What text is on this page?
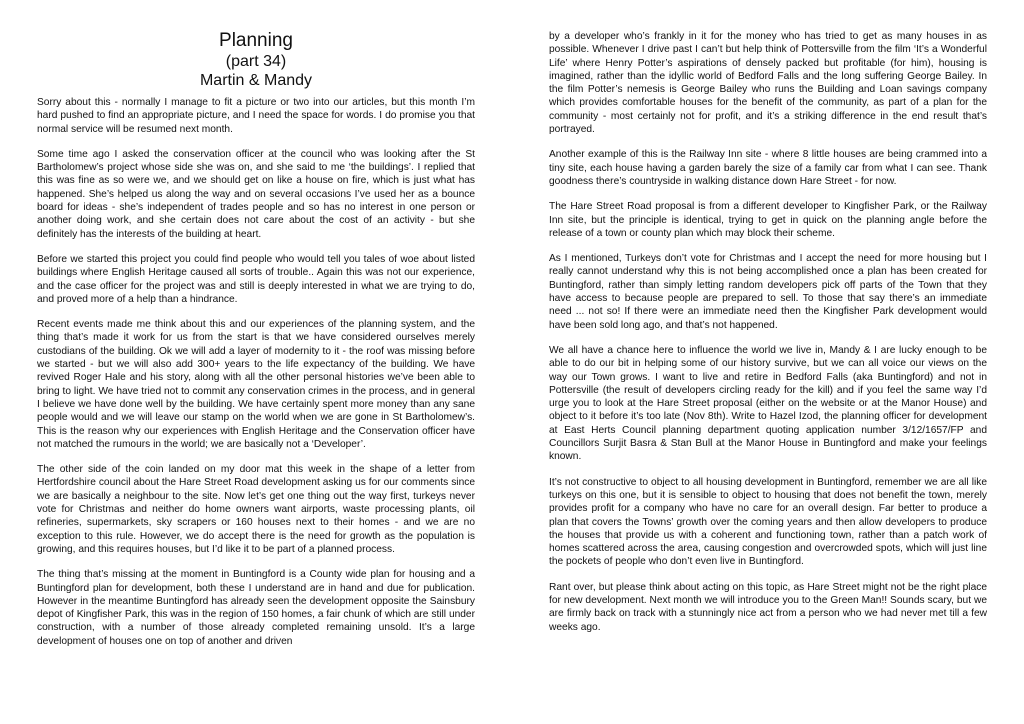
Planning
(part 34)
Martin & Mandy

Sorry about this - normally I manage to fit a picture or two into our articles, but this month I’m hard pushed to find an appropriate picture, and I need the space for words. I do promise you that normal service will be resumed next month.

Some time ago I asked the conservation officer at the council who was looking after the St Bartholomew’s project whose side she was on, and she said to me ‘the buildings’. I replied that this was fine as so were we, and we should get on like a house on fire, which is just what has happened. She’s helped us along the way and on several occasions I’ve used her as a bounce board for ideas - she’s independent of trades people and so has no interest in one person or another doing work, and she certain does not care about the cost of an activity - but she definitely has the interests of the building at heart.

Before we started this project you could find people who would tell you tales of woe about listed buildings where English Heritage caused all sorts of trouble.. Again this was not our experience, and the case officer for the project was and still is deeply interested in what we are trying to do, and proved more of a help than a hindrance.

Recent events made me think about this and our experiences of the planning system, and the thing that’s made it work for us from the start is that we have considered ourselves merely custodians of the building. Ok we will add a layer of modernity to it - the roof was missing before we started - but we will also add 300+ years to the life expectancy of the building. We have revived Roger Hale and his story, along with all the other personal histories we’ve been able to bring to light. We have tried not to commit any conservation crimes in the process, and in general I believe we have done well by the building. We have certainly spent more money than any sane people would and we will leave our stamp on the world when we are gone in St Bartholomew’s. This is the reason why our experiences with English Heritage and the Conservation officer have not matched the rumours in the world; we are basically not a ‘Developer’.

The other side of the coin landed on my door mat this week in the shape of a letter from Hertfordshire council about the Hare Street Road development asking us for our comments since we are basically a neighbour to the site. Now let’s get one thing out the way first, turkeys never vote for Christmas and neither do home owners want airports, waste processing plants, oil refineries, supermarkets, sky scrapers or 160 houses next to their homes - and we are no exception to this rule. However, we do accept there is the need for growth as the population is growing, and this requires houses, but I’d like it to be part of a planned process.

The thing that’s missing at the moment in Buntingford is a County wide plan for housing and a Buntingford plan for development, both these I understand are in hand and due for publication. However in the meantime Buntingford has already seen the development opposite the Sainsbury depot of Kingfisher Park, this was in the region of 150 homes, a fair chunk of which are still under construction, with a number of those already completed remaining unsold. It’s a large development of houses one on top of another and driven

by a developer who’s frankly in it for the money who has tried to get as many houses in as possible. Whenever I drive past I can’t but help think of Pottersville from the film ‘It’s a Wonderful Life’ where Henry Potter’s aspirations of densely packed but profitable (for him), housing is imagined, rather than the idyllic world of Bedford Falls and the long suffering George Bailey. In the film Potter’s nemesis is George Bailey who runs the Building and Loan savings company which provides comfortable houses for the benefit of the community, as part of a plan for the community - most certainly not for profit, and it’s a striking difference in the end result that’s portrayed.

Another example of this is the Railway Inn site - where 8 little houses are being crammed into a tiny site, each house having a garden barely the size of a family car from what I can see. Thank goodness there’s countryside in walking distance down Hare Street - for now.

The Hare Street Road proposal is from a different developer to Kingfisher Park, or the Railway Inn site, but the principle is identical, trying to get in quick on the planning angle before the release of a town or county plan which may block their scheme.

As I mentioned, Turkeys don’t vote for Christmas and I accept the need for more housing but I really cannot understand why this is not being accomplished once a plan has been created for Buntingford, rather than simply letting random developers pick off parts of the Town that they have access to because people are prepared to sell. To those that say there’s an immediate need ... not so! If there were an immediate need then the Kingfisher Park development would have been sold long ago, and that’s not happened.

We all have a chance here to influence the world we live in, Mandy & I are lucky enough to be able to do our bit in helping some of our history survive, but we can all voice our views on the way our Town grows. I want to live and retire in Bedford Falls (aka Buntingford) and not in Pottersville (the result of developers circling ready for the kill) and if you feel the same way I’d urge you to look at the Hare Street proposal (either on the website or at the Manor House) and object to it before it’s too late (Nov 8th). Write to Hazel Izod, the planning officer for development at East Herts Council planning department quoting application number 3/12/1657/FP and Councillors Surjit Basra & Stan Bull at the Manor House in Buntingford and make your feelings known.

It’s not constructive to object to all housing development in Buntingford, remember we are all like turkeys on this one, but it is sensible to object to housing that does not benefit the town, merely provides profit for a company who have no care for an overall design. Far better to produce a plan that covers the Towns’ growth over the coming years and then allow developers to produce the houses that provide us with a coherent and functioning town, rather than a patch work of homes scattered across the area, causing congestion and overcrowded spots, which will just line the pockets of people who don’t even live in Buntingford.

Rant over, but please think about acting on this topic, as Hare Street might not be the right place for new development. Next month we will introduce you to the Green Man!! Sounds scary, but we are firmly back on track with a stunningly nice act from a person who we had never met till a few weeks ago.
